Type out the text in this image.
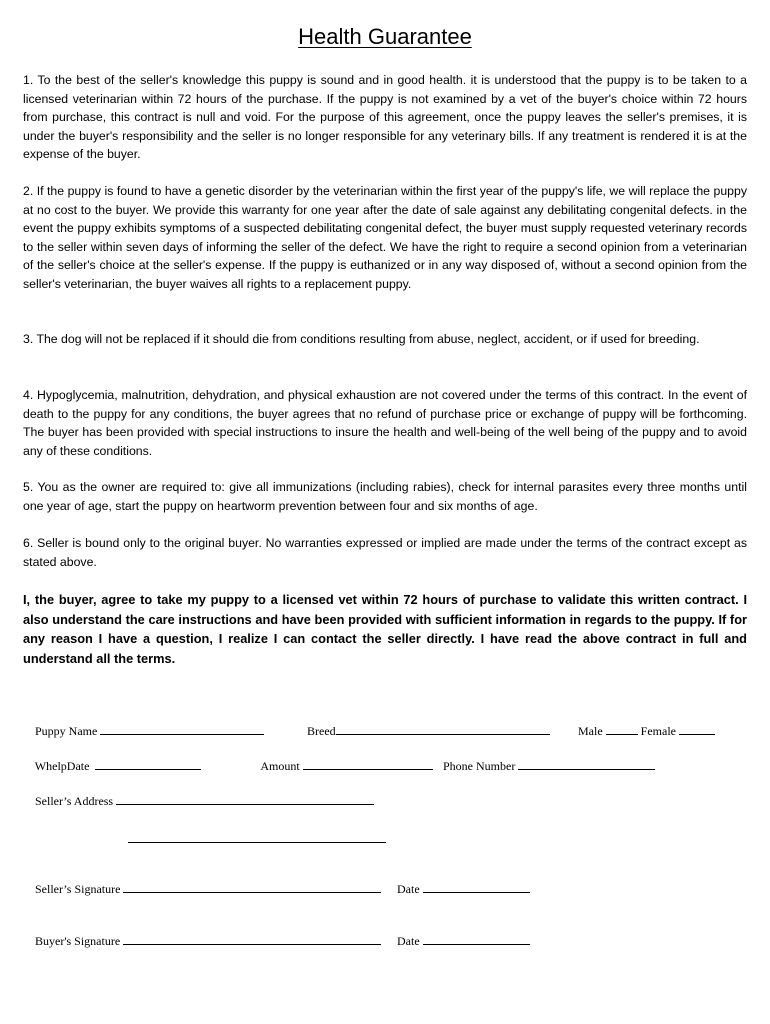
Health Guarantee

1. To the best of the seller's knowledge this puppy is sound and in good health. it is understood that the puppy is to be taken to a licensed veterinarian within 72 hours of the purchase. If the puppy is not examined by a vet of the buyer's choice within 72 hours from purchase, this contract is null and void. For the purpose of this agreement, once the puppy leaves the seller's premises, it is under the buyer's responsibility and the seller is no longer responsible for any veterinary bills. If any treatment is rendered it is at the expense of the buyer.

2. If the puppy is found to have a genetic disorder by the veterinarian within the first year of the puppy's life, we will replace the puppy at no cost to the buyer. We provide this warranty for one year after the date of sale against any debilitating congenital defects. in the event the puppy exhibits symptoms of a suspected debilitating congenital defect, the buyer must supply requested veterinary records to the seller within seven days of informing the seller of the defect. We have the right to require a second opinion from a veterinarian of the seller's choice at the seller's expense. If the puppy is euthanized or in any way disposed of, without a second opinion from the seller's veterinarian, the buyer waives all rights to a replacement puppy.

3. The dog will not be replaced if it should die from conditions resulting from abuse, neglect, accident, or if used for breeding.

4. Hypoglycemia, malnutrition, dehydration, and physical exhaustion are not covered under the terms of this contract. In the event of death to the puppy for any conditions, the buyer agrees that no refund of purchase price or exchange of puppy will be forthcoming. The buyer has been provided with special instructions to insure the health and well-being of the well being of the puppy and to avoid any of these conditions.

5. You as the owner are required to: give all immunizations (including rabies), check for internal parasites every three months until one year of age, start the puppy on heartworm prevention between four and six months of age.

6. Seller is bound only to the original buyer. No warranties expressed or implied are made under the terms of the contract except as stated above.

I, the buyer, agree to take my puppy to a licensed vet within 72 hours of purchase to validate this written contract. I also understand the care instructions and have been provided with sufficient information in regards to the puppy. If for any reason I have a question, I realize I can contact the seller directly. I have read the above contract in full and understand all the terms.

Puppy Name
	Breed
	Male	Female

WhelpDate
	Amount
	Phone Number

Seller’s Address

Seller’s Signature
	Date

Buyer's Signature
	Date
